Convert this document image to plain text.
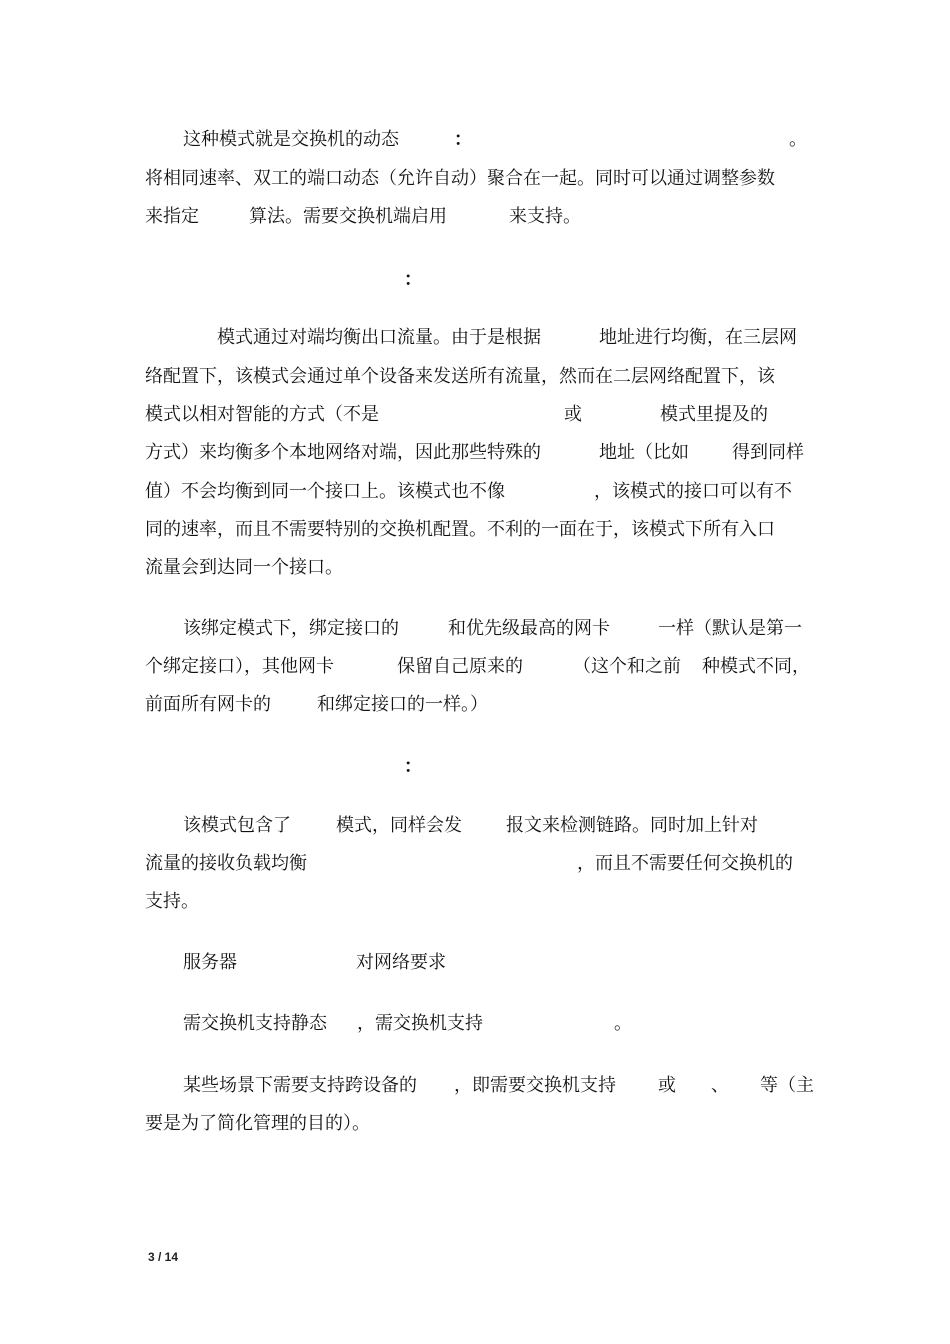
这种模式就是交换机的动态	：	。
将相同速率、双工的端口动态（允许自动）聚合在一起。同时可以通过调整参数
来指定	算法。需要交换机端启用	来支持。
：
模式通过对端均衡出口流量。由于是根据	地址进行均衡，在三层网
络配置下，该模式会通过单个设备来发送所有流量，然而在二层网络配置下，该
模式以相对智能的方式（不是	或	模式里提及的
方式）来均衡多个本地网络对端，因此那些特殊的	地址（比如 得到同样
值）不会均衡到同一个接口上。该模式也不像	，该模式的接口可以有不
同的速率，而且不需要特别的交换机配置。不利的一面在于，该模式下所有入口
流量会到达同一个接口。
该绑定模式下，绑定接口的	和优先级最高的网卡	一样（默认是第一
个绑定接口），其他网卡	保留自己原来的	（这个和之前 种模式不同，
前面所有网卡的	和绑定接口的一样。）
：
该模式包含了	模式，同样会发 报文来检测链路。同时加上针对
流量的接收负载均衡	，而且不需要任何交换机的
支持。
服务器	对网络要求
需交换机支持静态 ，需交换机支持	。
某些场景下需要支持跨设备的 ，即需要交换机支持 或 、 等（主
要是为了简化管理的目的）。
3 / 14
